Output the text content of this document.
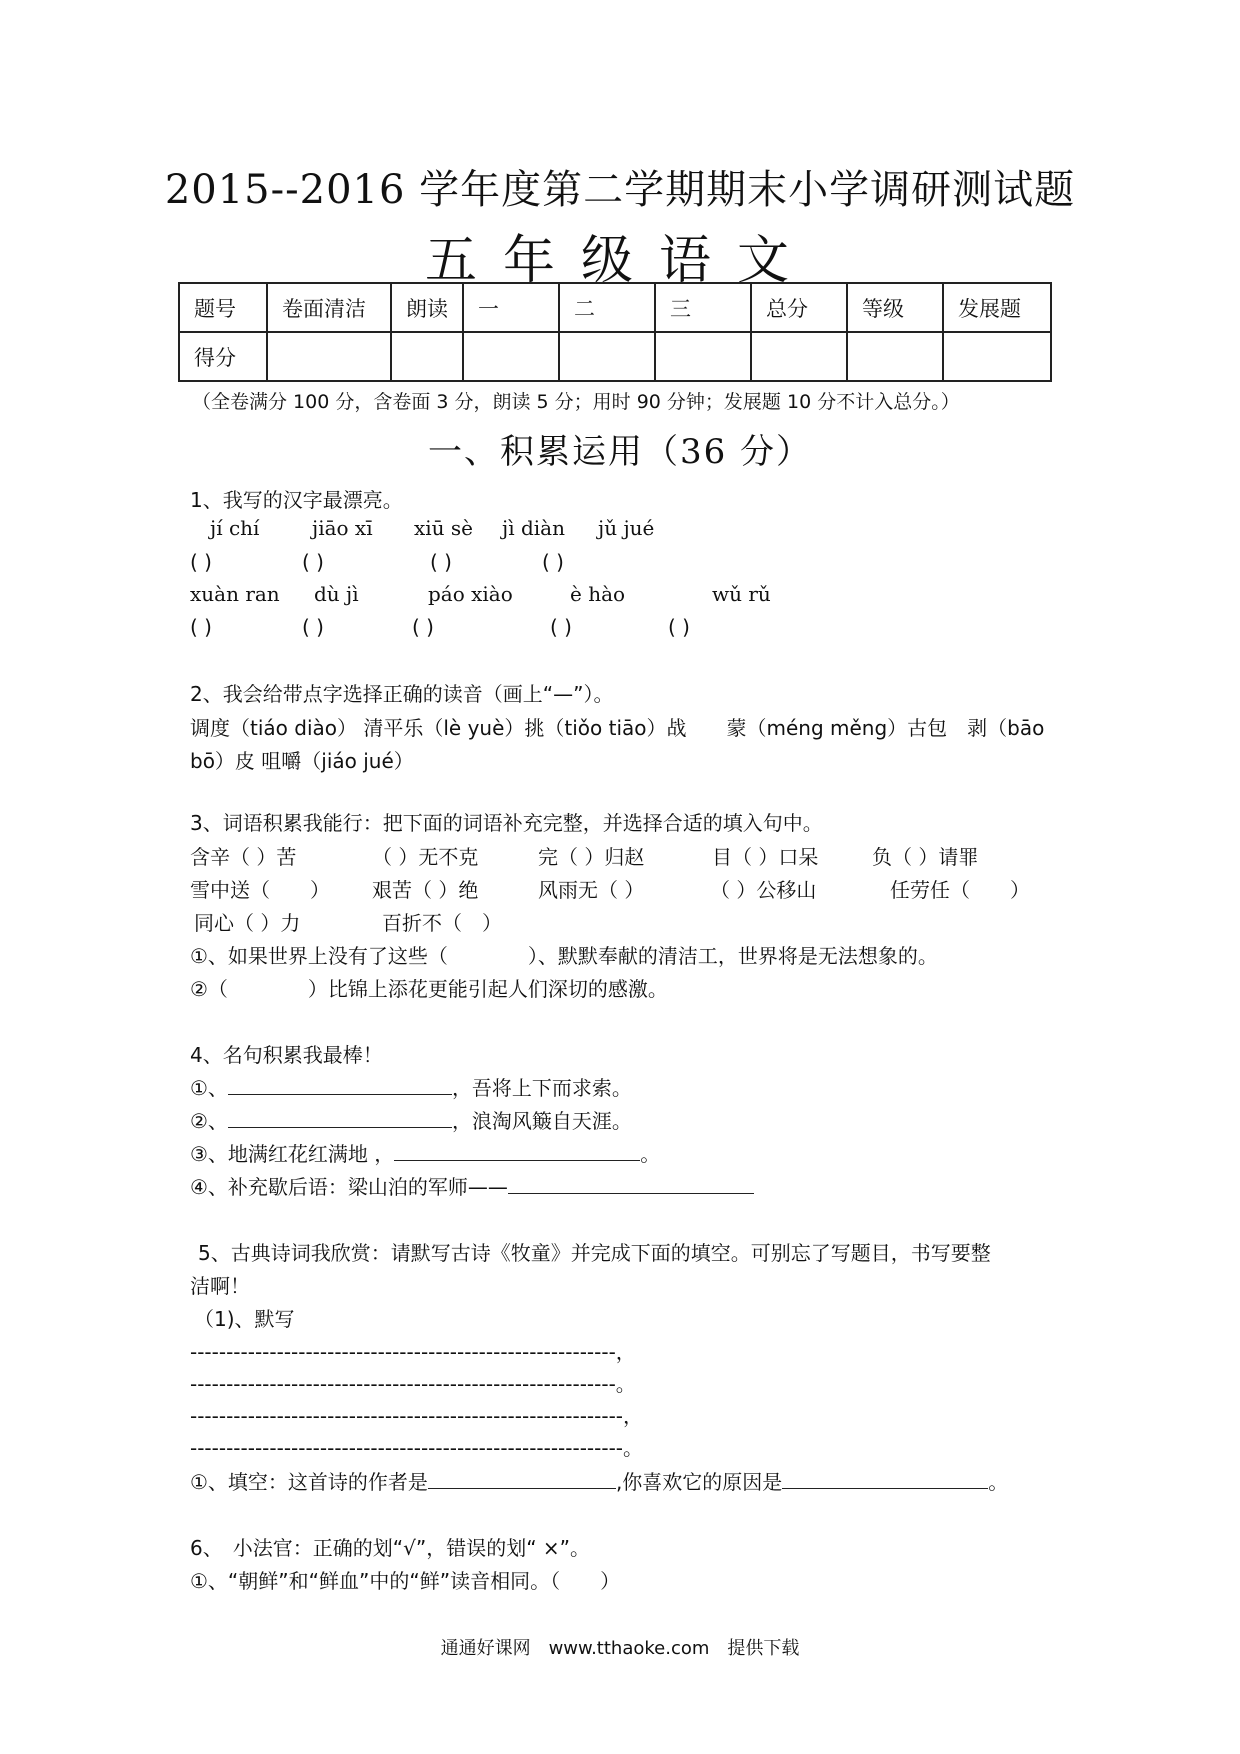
2015--2016 学年度第二学期期末小学调研测试题
五年级语文
题号	卷面清洁	朗读	一	二	三	总分	等级	发展题
得分								
（全卷满分 100 分，含卷面 3 分，朗读 5 分；用时 90 分钟；发展题 10 分不计入总分。）
一、积累运用（36 分）
1、我写的汉字最漂亮。
jí chí	jiāo xī xiū sè jì diàn jǔ jué
( )	( )	( )	( )
xuàn ran dù jì	páo xiào	è hào	wǔ rǔ
( )	( )	( )	( )	( )
2、我会给带点字选择正确的读音（画上“—”）。
调度（tiáo diào） 清平乐（lè yuè）挑（tiǒo tiāo）战　　蒙（méng měng）古包　剥（bāo
bō）皮 咀嚼（jiáo jué）
3、词语积累我能行：把下面的词语补充完整，并选择合适的填入句中。
含辛（ ）苦	（ ）无不克	完（ ）归赵	目（ ）口呆	负（ ）请罪
雪中送（　　） 艰苦（ ）绝	风雨无（ ）	（ ）公移山	任劳任（　　）
同心（ ）力	百折不（　）
①、如果世界上没有了这些（　　　　）、默默奉献的清洁工，世界将是无法想象的。
②（　　　　）比锦上添花更能引起人们深切的感激。
4、名句积累我最棒！
①、	，吾将上下而求索。
②、	，浪淘风簸自天涯。
③、地满红花红满地 ，	。
④、补充歇后语：梁山泊的军师——
5、古典诗词我欣赏：请默写古诗《牧童》并完成下面的填空。可别忘了写题目，书写要整
洁啊！
（1)、默写
-----------------------------------------------------------，
-----------------------------------------------------------。
------------------------------------------------------------，
------------------------------------------------------------。
①、填空：这首诗的作者是	,你喜欢它的原因是	。
6、　小法官：正确的划“√”，错误的划“ ×”。
①、“朝鲜”和“鲜血”中的“鲜”读音相同。（　　）
通通好课网　www.tthaoke.com　提供下载
